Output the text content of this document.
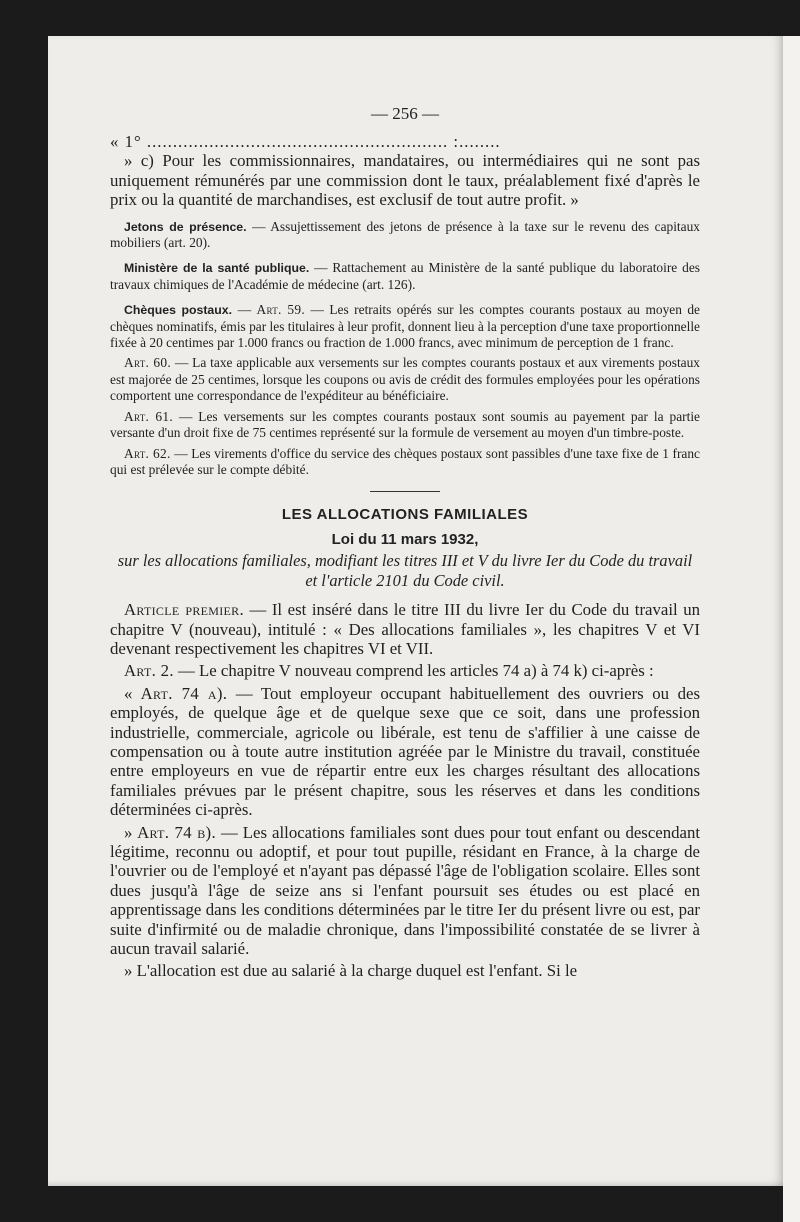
— 256 —

« 1° .......................................................... :........

» c) Pour les commissionnaires, mandataires, ou intermédiaires qui ne sont pas uniquement rémunérés par une commission dont le taux, préalablement fixé d'après le prix ou la quantité de marchandises, est exclusif de tout autre profit. »

Jetons de présence. — Assujettissement des jetons de présence à la taxe sur le revenu des capitaux mobiliers (art. 20).

Ministère de la santé publique. — Rattachement au Ministère de la santé publique du laboratoire des travaux chimiques de l'Académie de médecine (art. 126).

Chèques postaux. — Art. 59. — Les retraits opérés sur les comptes courants postaux au moyen de chèques nominatifs, émis par les titulaires à leur profit, donnent lieu à la perception d'une taxe proportionnelle fixée à 20 centimes par 1.000 francs ou fraction de 1.000 francs, avec minimum de perception de 1 franc.

Art. 60. — La taxe applicable aux versements sur les comptes courants postaux et aux virements postaux est majorée de 25 centimes, lorsque les coupons ou avis de crédit des formules employées pour les opérations comportent une correspondance de l'expéditeur au bénéficiaire.

Art. 61. — Les versements sur les comptes courants postaux sont soumis au payement par la partie versante d'un droit fixe de 75 centimes représenté sur la formule de versement au moyen d'un timbre-poste.

Art. 62. — Les virements d'office du service des chèques postaux sont passibles d'une taxe fixe de 1 franc qui est prélevée sur le compte débité.

LES ALLOCATIONS FAMILIALES
Loi du 11 mars 1932,
sur les allocations familiales, modifiant les titres III et V du livre Ier du Code du travail et l'article 2101 du Code civil.

Article premier. — Il est inséré dans le titre III du livre Ier du Code du travail un chapitre V (nouveau), intitulé : « Des allocations familiales », les chapitres V et VI devenant respectivement les chapitres VI et VII.

Art. 2. — Le chapitre V nouveau comprend les articles 74 a) à 74 k) ci-après :

« Art. 74 a). — Tout employeur occupant habituellement des ouvriers ou des employés, de quelque âge et de quelque sexe que ce soit, dans une profession industrielle, commerciale, agricole ou libérale, est tenu de s'affilier à une caisse de compensation ou à toute autre institution agréée par le Ministre du travail, constituée entre employeurs en vue de répartir entre eux les charges résultant des allocations familiales prévues par le présent chapitre, sous les réserves et dans les conditions déterminées ci-après.

» Art. 74 b). — Les allocations familiales sont dues pour tout enfant ou descendant légitime, reconnu ou adoptif, et pour tout pupille, résidant en France, à la charge de l'ouvrier ou de l'employé et n'ayant pas dépassé l'âge de l'obligation scolaire. Elles sont dues jusqu'à l'âge de seize ans si l'enfant poursuit ses études ou est placé en apprentissage dans les conditions déterminées par le titre Ier du présent livre ou est, par suite d'infirmité ou de maladie chronique, dans l'impossibilité constatée de se livrer à aucun travail salarié.

» L'allocation est due au salarié à la charge duquel est l'enfant. Si le
